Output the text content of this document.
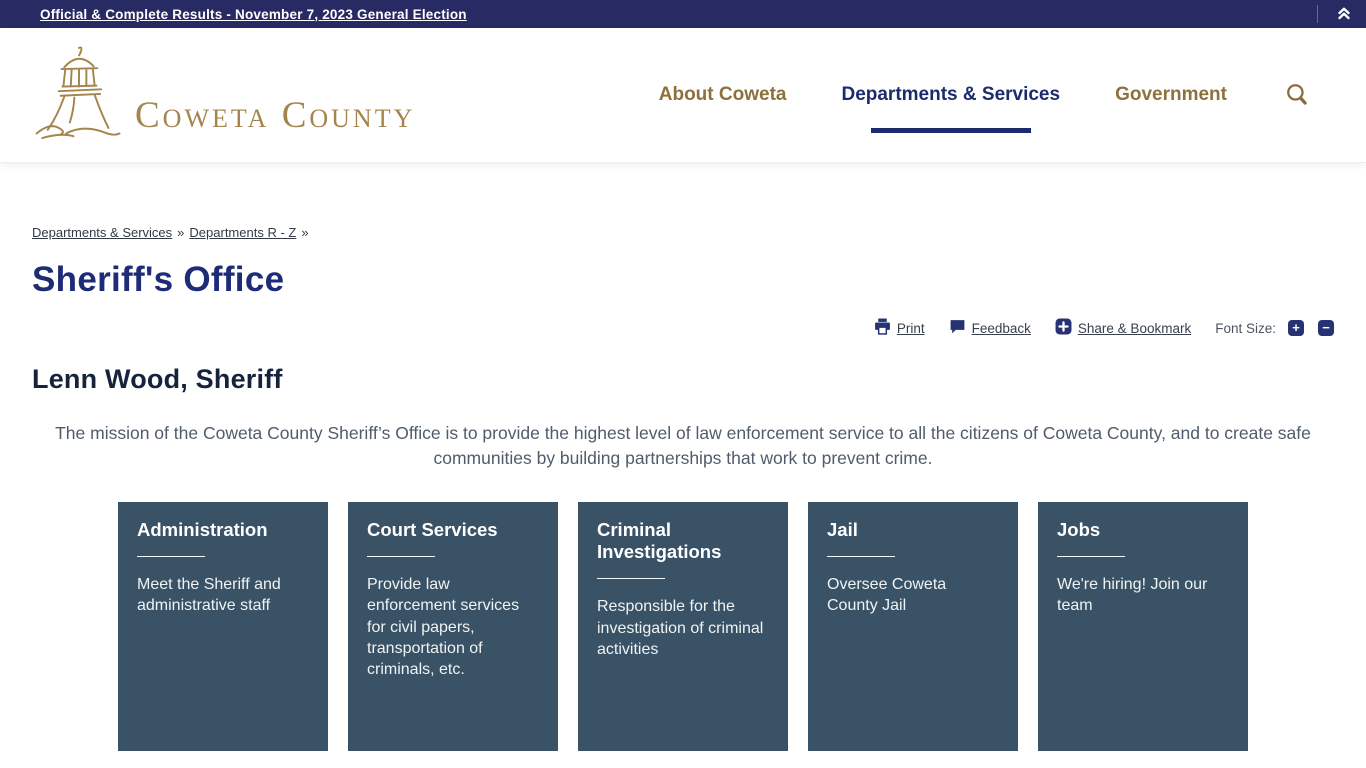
Official & Complete Results - November 7, 2023 General Election
Coweta County	About Coweta	Departments & Services	Government
Departments & Services » Departments R - Z »
Sheriff's Office
Print	Feedback	Share & Bookmark Font Size:	+	−
Lenn Wood, Sheriff

The mission of the Coweta County Sheriff’s Office is to provide the highest level of law enforcement service to all the citizens of Coweta County, and to create safe communities by building partnerships that work to prevent crime.

Administration
Meet the Sheriff and administrative staff
Court Services
Provide law enforcement services for civil papers, transportation of criminals, etc.
Criminal Investigations
Responsible for the investigation of criminal activities
Jail
Oversee Coweta County Jail
Jobs
We're hiring! Join our team
